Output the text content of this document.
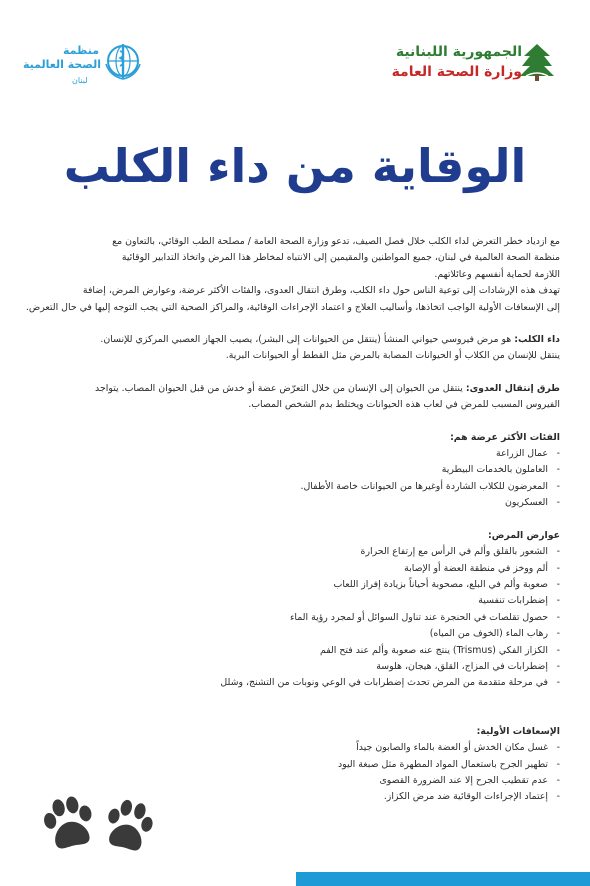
الجمهورية اللبنانية
وزارة الصحة العامة
منظمة
الصحة العالمية
لبنان
الوقاية من داء الكلب

مع ازدياد خطر التعرض لداء الكلب خلال فصل الصيف، تدعو وزارة الصحة العامة / مصلحة الطب الوقائي، بالتعاون مع

منظمة الصحة العالمية في لبنان، جميع المواطنين والمقيمين إلى الانتباه لمخاطر هذا المرض واتخاذ التدابير الوقائية

اللازمة لحماية أنفسهم وعائلاتهم.

تهدف هذه الإرشادات إلى توعية الناس حول داء الكلب، وطرق انتقال العدوى، والفئات الأكثر عرضة، وعوارض المرض، إضافة

إلى الإسعافات الأولية الواجب اتخاذها، وأساليب العلاج و اعتماد الإجراءات الوقائية، والمراكز الصحية التي يجب التوجه إليها في حال التعرض.

داء الكلب: هو مرض فيروسي حيواني المنشأ (ينتقل من الحيوانات إلى البشر)، يصيب الجهاز العصبي المركزي للإنسان.

ينتقل للإنسان من الكلاب أو الحيوانات المصابة بالمرض مثل القطط أو الحيوانات البرية.

طرق إنتقال العدوى: ينتقل من الحيوان إلى الإنسان من خلال التعرّض عضة أو خدش من قبل الحيوان المصاب. يتواجد

الفيروس المسبب للمرض في لعاب هذه الحيوانات ويختلط بدم الشخص المصاب.

الفئات الأكثر عرضة هم:

- عمال الزراعة
- العاملون بالخدمات البيطرية
- المعرضون للكلاب الشاردة أوغيرها من الحيوانات خاصة الأطفال.
- العسكريون

عوارض المرض:

- الشعور بالقلق وألم في الرأس مع إرتفاع الحرارة
- ألم ووخز في منطقة العضة أو الإصابة
- صعوبة وألم في البلع، مصحوبة أحياناً بزيادة إفراز اللعاب
- إضطرابات تنفسية
- حصول تقلصات في الحنجرة عند تناول السوائل أو لمجرد رؤية الماء
- رهاب الماء (الخوف من المياه)
- الكزاز الفكي (Trismus) ينتج عنه صعوبة وألم عند فتح الفم
- إضطرابات في المزاج، القلق، هيجان، هلوسة
- في مرحلة متقدمة من المرض تحدث إضطرابات في الوعي ونوبات من التشنج، وشلل

الإسعافات الأولية:

- غسل مكان الخدش أو العضة بالماء والصابون جيداً
- تطهير الجرح باستعمال المواد المطهرة مثل صبغة اليود
- عدم تقطيب الجرح إلا عند الضرورة القصوى
- إعتماد الإجراءات الوقائية ضد مرض الكزاز.
